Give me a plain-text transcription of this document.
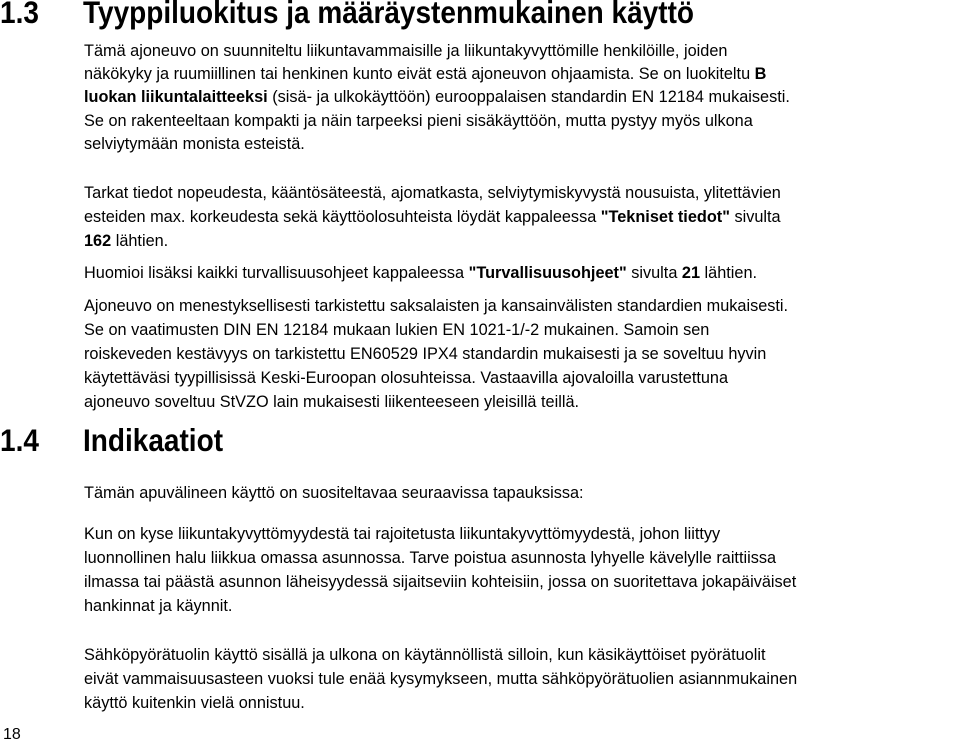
1.3 Tyyppiluokitus ja määräystenmukainen käyttö

Tämä ajoneuvo on suunniteltu liikuntavammaisille ja liikuntakyvyttömille henkilöille, joiden
näkökyky ja ruumiillinen tai henkinen kunto eivät estä ajoneuvon ohjaamista. Se on luokiteltu B
luokan liikuntalaitteeksi (sisä- ja ulkokäyttöön) eurooppalaisen standardin EN 12184 mukaisesti.
Se on rakenteeltaan kompakti ja näin tarpeeksi pieni sisäkäyttöön, mutta pystyy myös ulkona
selviytymään monista esteistä.

Tarkat tiedot nopeudesta, kääntösäteestä, ajomatkasta, selviytymiskyvystä nousuista, ylitettävien
esteiden max. korkeudesta sekä käyttöolosuhteista löydät kappaleessa "Tekniset tiedot" sivulta
162 lähtien.

Huomioi lisäksi kaikki turvallisuusohjeet kappaleessa "Turvallisuusohjeet" sivulta 21 lähtien.

Ajoneuvo on menestyksellisesti tarkistettu saksalaisten ja kansainvälisten standardien mukaisesti.
Se on vaatimusten DIN EN 12184 mukaan lukien EN 1021-1/-2 mukainen. Samoin sen
roiskeveden kestävyys on tarkistettu EN60529 IPX4 standardin mukaisesti ja se soveltuu hyvin
käytettäväsi tyypillisissä Keski-Euroopan olosuhteissa. Vastaavilla ajovaloilla varustettuna
ajoneuvo soveltuu StVZO lain mukaisesti liikenteeseen yleisillä teillä.

1.4 Indikaatiot

Tämän apuvälineen käyttö on suositeltavaa seuraavissa tapauksissa:

Kun on kyse liikuntakyvyttömyydestä tai rajoitetusta liikuntakyvyttömyydestä, johon liittyy
luonnollinen halu liikkua omassa asunnossa. Tarve poistua asunnosta lyhyelle kävelylle raittiissa
ilmassa tai päästä asunnon läheisyydessä sijaitseviin kohteisiin, jossa on suoritettava jokapäiväiset
hankinnat ja käynnit.

Sähköpyörätuolin käyttö sisällä ja ulkona on käytännöllistä silloin, kun käsikäyttöiset pyörätuolit
eivät vammaisuusasteen vuoksi tule enää kysymykseen, mutta sähköpyörätuolien asiannmukainen
käyttö kuitenkin vielä onnistuu.

18
